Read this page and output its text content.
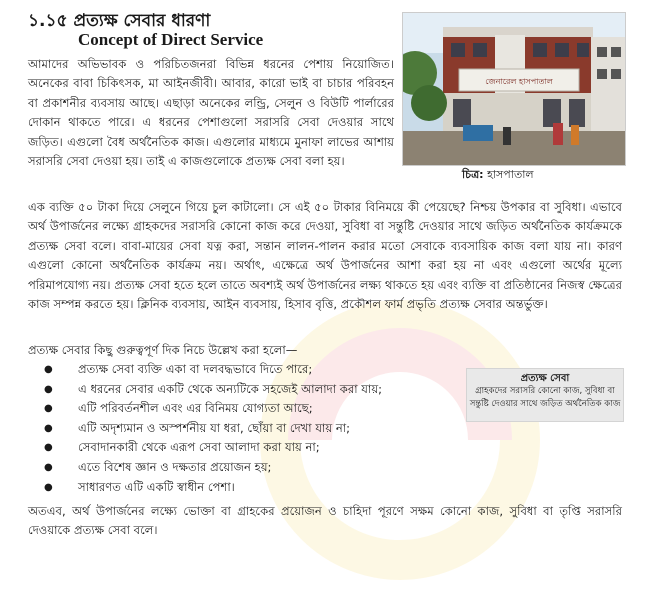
১.১৫ প্রত্যক্ষ সেবার ধারণা
Concept of Direct Service
জেনারেল হাসপাতাল
চিত্র: হাসপাতাল
আমাদের অভিভাবক ও পরিচিতজনরা বিভিন্ন ধরনের পেশায় নিয়োজিত। অনেকের বাবা চিকিৎসক, মা আইনজীবী। আবার, কারো ভাই বা চাচার পরিবহন বা প্রকাশনীর ব্যবসায় আছে। এছাড়া অনেকের লন্ড্রি, সেলুন ও বিউটি পার্লারের দোকান থাকতে পারে। এ ধরনের পেশাগুলো সরাসরি সেবা দেওয়ার সাথে জড়িত। এগুলো বৈধ অর্থনৈতিক কাজ। এগুলোর মাধ্যমে মুনাফা লাভের আশায় সরাসরি সেবা দেওয়া হয়। তাই এ কাজগুলোকে প্রত্যক্ষ সেবা বলা হয়।
এক ব্যক্তি ৫০ টাকা দিয়ে সেলুনে গিয়ে চুল কাটালো। সে এই ৫০ টাকার বিনিময়ে কী পেয়েছে? নিশ্চয় উপকার বা সুবিধা। এভাবে অর্থ উপার্জনের লক্ষ্যে গ্রাহকদের সরাসরি কোনো কাজ করে দেওয়া, সুবিধা বা সন্তুষ্টি দেওয়ার সাথে জড়িত অর্থনৈতিক কার্যক্রমকে প্রত্যক্ষ সেবা বলে। বাবা-মায়ের সেবা যত্ন করা, সন্তান লালন-পালন করার মতো সেবাকে ব্যবসায়িক কাজ বলা যায় না। কারণ এগুলো কোনো অর্থনৈতিক কার্যক্রম নয়। অর্থাৎ, এক্ষেত্রে অর্থ উপার্জনের আশা করা হয় না এবং এগুলো অর্থের মূল্যে পরিমাপযোগ্য নয়। প্রত্যক্ষ সেবা হতে হলে তাতে অবশ্যই অর্থ উপার্জনের লক্ষ্য থাকতে হয় এবং ব্যক্তি বা প্রতিষ্ঠানের নিজস্ব ক্ষেত্রের কাজ সম্পন্ন করতে হয়। ক্লিনিক ব্যবসায়, আইন ব্যবসায়, হিসাব বৃত্তি, প্রকৌশল ফার্ম প্রভৃতি প্রত্যক্ষ সেবার অন্তর্ভুক্ত।
প্রত্যক্ষ সেবার কিছু গুরুত্বপূর্ণ দিক নিচে উল্লেখ করা হলো—
● প্রত্যক্ষ সেবা ব্যক্তি একা বা দলবদ্ধভাবে দিতে পারে;
● এ ধরনের সেবার একটি থেকে অন্যটিকে সহজেই আলাদা করা যায়;
● এটি পরিবর্তনশীল এবং এর বিনিময় যোগ্যতা আছে;
● এটি অদৃশ্যমান ও অস্পর্শনীয় যা ধরা, ছোঁয়া বা দেখা যায় না;
● সেবাদানকারী থেকে এরূপ সেবা আলাদা করা যায় না;
● এতে বিশেষ জ্ঞান ও দক্ষতার প্রয়োজন হয়;
● সাধারণত এটি একটি স্বাধীন পেশা।
প্রত্যক্ষ সেবা
গ্রাহকদের সরাসরি কোনো কাজ, সুবিধা বা সন্তুষ্টি দেওয়ার সাথে জড়িত অর্থনৈতিক কাজ
অতএব, অর্থ উপার্জনের লক্ষ্যে ভোক্তা বা গ্রাহকের প্রয়োজন ও চাহিদা পূরণে সক্ষম কোনো কাজ, সুবিধা বা তৃপ্তি সরাসরি দেওয়াকে প্রত্যক্ষ সেবা বলে।
